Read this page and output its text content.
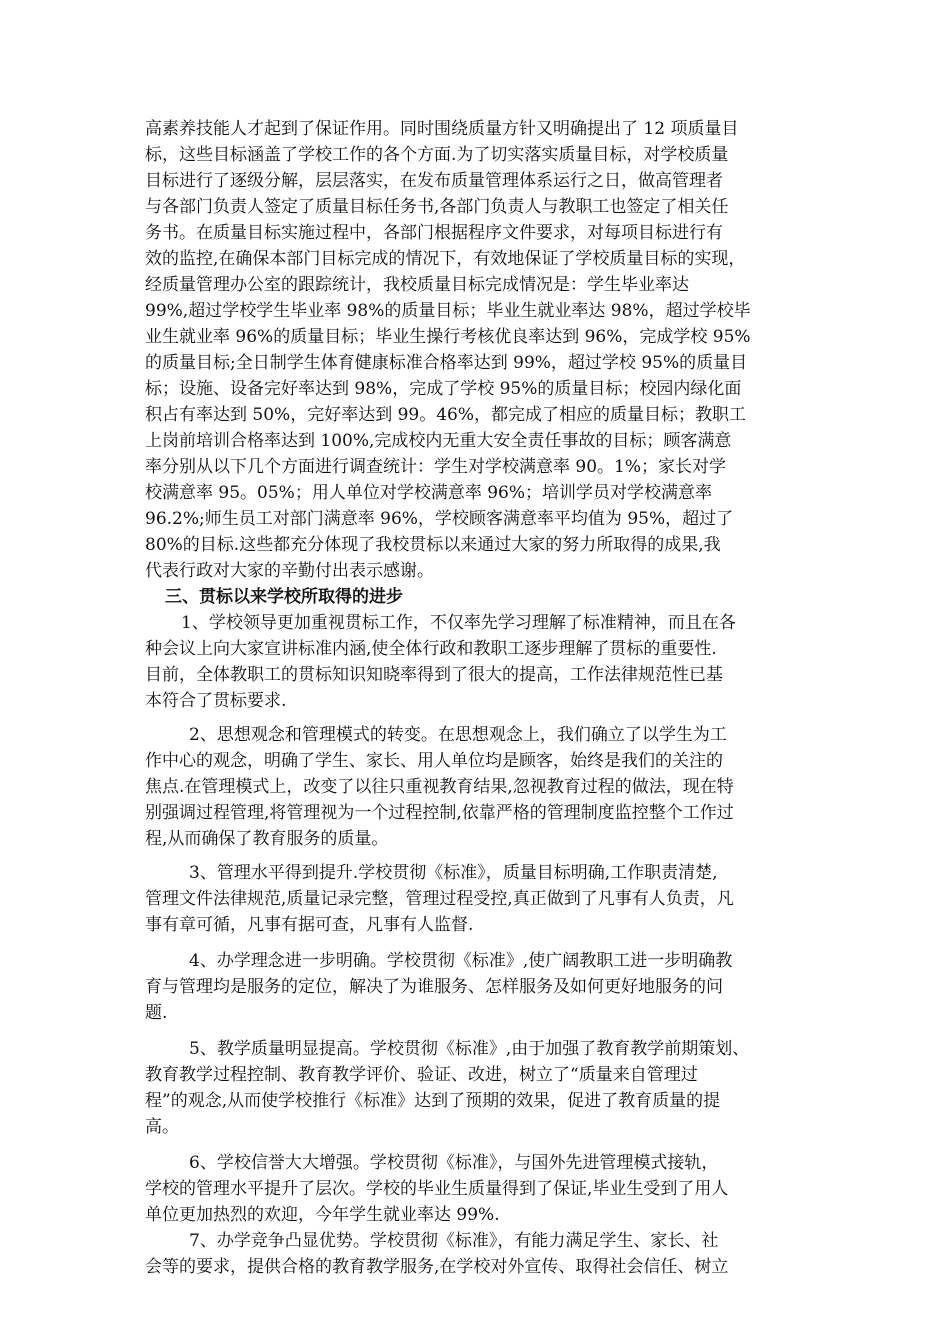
高素养技能人才起到了保证作用。同时围绕质量方针又明确提出了 12 项质量目
标，这些目标涵盖了学校工作的各个方面.为了切实落实质量目标，对学校质量
目标进行了逐级分解，层层落实，在发布质量管理体系运行之日，做高管理者
与各部门负责人签定了质量目标任务书,各部门负责人与教职工也签定了相关任
务书。在质量目标实施过程中，各部门根据程序文件要求，对每项目标进行有
效的监控,在确保本部门目标完成的情况下，有效地保证了学校质量目标的实现，
经质量管理办公室的跟踪统计，我校质量目标完成情况是：学生毕业率达
99%,超过学校学生毕业率 98%的质量目标；毕业生就业率达 98%，超过学校毕
业生就业率 96%的质量目标；毕业生操行考核优良率达到 96%，完成学校 95%
的质量目标;全日制学生体育健康标准合格率达到 99%，超过学校 95%的质量目
标；设施、设备完好率达到 98%，完成了学校 95%的质量目标；校园内绿化面
积占有率达到 50%，完好率达到 99。46%，都完成了相应的质量目标；教职工
上岗前培训合格率达到 100%,完成校内无重大安全责任事故的目标；顾客满意
率分别从以下几个方面进行调查统计：学生对学校满意率 90。1%；家长对学
校满意率 95。05%；用人单位对学校满意率 96%；培训学员对学校满意率
96.2%;师生员工对部门满意率 96%，学校顾客满意率平均值为 95%，超过了
80%的目标.这些都充分体现了我校贯标以来通过大家的努力所取得的成果,我
代表行政对大家的辛勤付出表示感谢。
三、贯标以来学校所取得的进步
1、学校领导更加重视贯标工作，不仅率先学习理解了标准精神，而且在各
种会议上向大家宣讲标准内涵,使全体行政和教职工逐步理解了贯标的重要性.
目前，全体教职工的贯标知识知晓率得到了很大的提高，工作法律规范性已基
本符合了贯标要求.
2、思想观念和管理模式的转变。在思想观念上，我们确立了以学生为工
作中心的观念，明确了学生、家长、用人单位均是顾客，始终是我们的关注的
焦点.在管理模式上，改变了以往只重视教育结果,忽视教育过程的做法，现在特
别强调过程管理,将管理视为一个过程控制,依靠严格的管理制度监控整个工作过
程,从而确保了教育服务的质量。
3、管理水平得到提升.学校贯彻《标准》，质量目标明确,工作职责清楚,
管理文件法律规范,质量记录完整，管理过程受控,真正做到了凡事有人负责，凡
事有章可循，凡事有据可查，凡事有人监督.
4、办学理念进一步明确。学校贯彻《标准》,使广阔教职工进一步明确教
育与管理均是服务的定位，解决了为谁服务、怎样服务及如何更好地服务的问
题.
5、教学质量明显提高。学校贯彻《标准》,由于加强了教育教学前期策划、
教育教学过程控制、教育教学评价、验证、改进，树立了“质量来自管理过
程”的观念,从而使学校推行《标准》达到了预期的效果，促进了教育质量的提
高。
6、学校信誉大大增强。学校贯彻《标准》，与国外先进管理模式接轨，
学校的管理水平提升了层次。学校的毕业生质量得到了保证,毕业生受到了用人
单位更加热烈的欢迎，今年学生就业率达 99%.
7、办学竞争凸显优势。学校贯彻《标准》，有能力满足学生、家长、社
会等的要求，提供合格的教育教学服务,在学校对外宣传、取得社会信任、树立
